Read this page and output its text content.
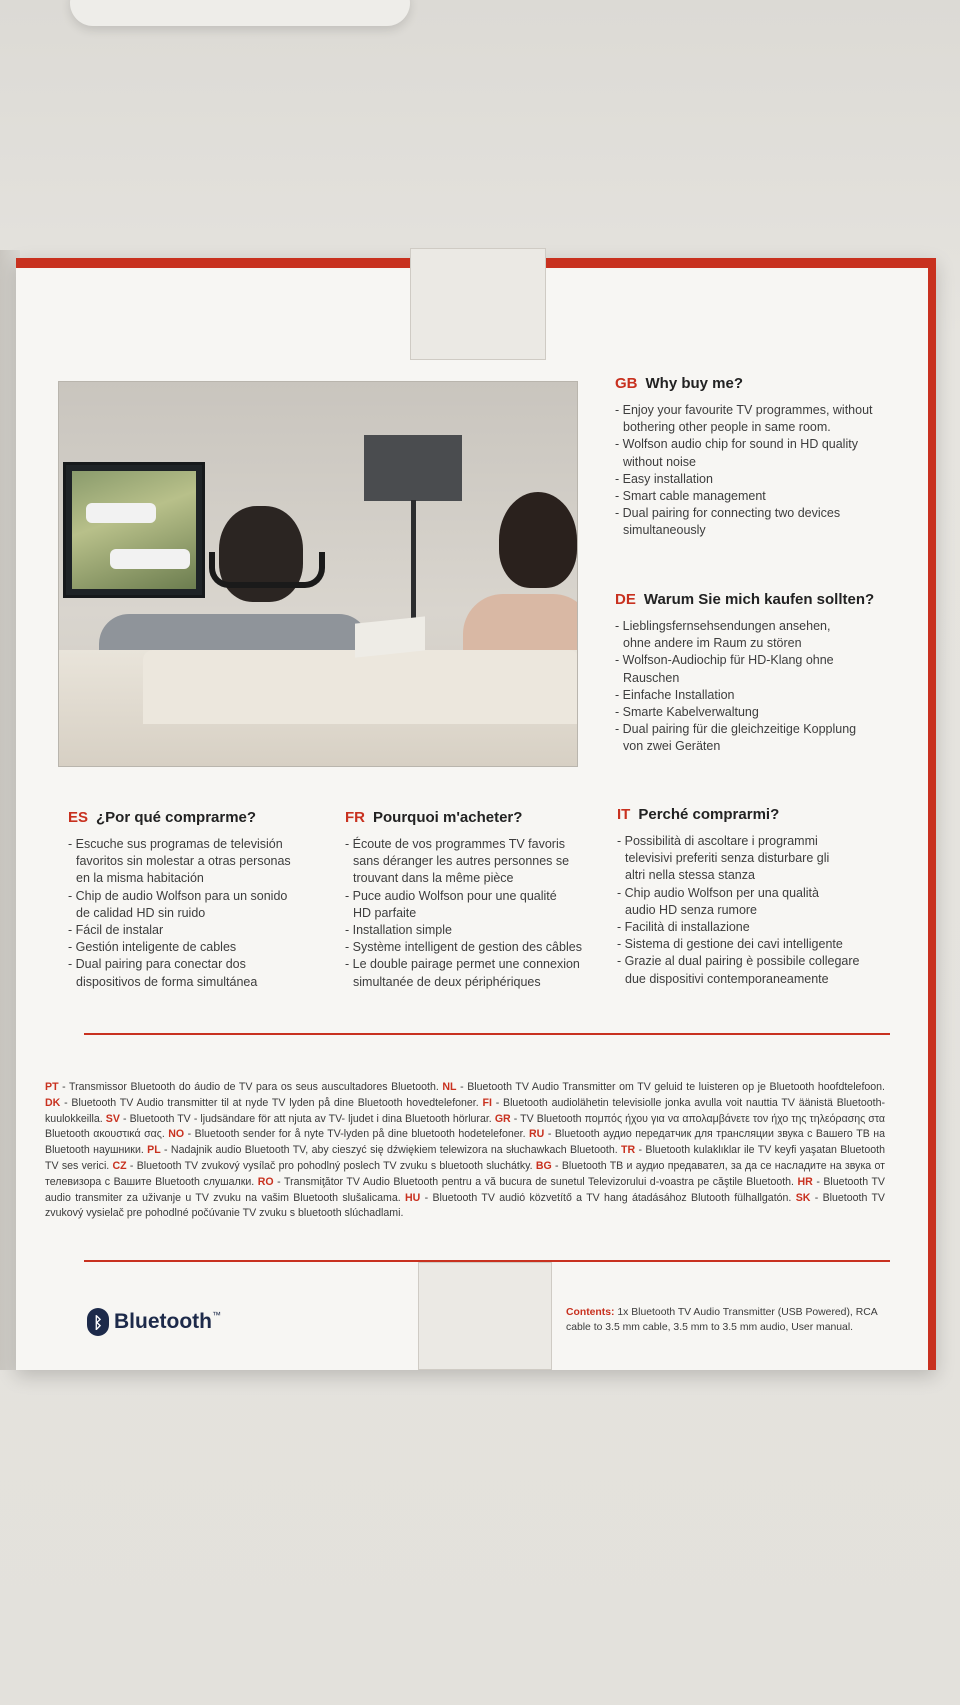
GB Why buy me?
- Enjoy your favourite TV programmes, without
bothering other people in same room.
- Wolfson audio chip for sound in HD quality
without noise
- Easy installation
- Smart cable management
- Dual pairing for connecting two devices
simultaneously
DE Warum Sie mich kaufen sollten?
- Lieblingsfernsehsendungen ansehen,
ohne andere im Raum zu stören
- Wolfson-Audiochip für HD-Klang ohne
Rauschen
- Einfache Installation
- Smarte Kabelverwaltung
- Dual pairing für die gleichzeitige Kopplung
von zwei Geräten
ES ¿Por qué comprarme?
- Escuche sus programas de televisión
favoritos sin molestar a otras personas
en la misma habitación
- Chip de audio Wolfson para un sonido
de calidad HD sin ruido
- Fácil de instalar
- Gestión inteligente de cables
- Dual pairing para conectar dos
dispositivos de forma simultánea
FR Pourquoi m'acheter?
- Écoute de vos programmes TV favoris
sans déranger les autres personnes se
trouvant dans la même pièce
- Puce audio Wolfson pour une qualité
HD parfaite
- Installation simple
- Système intelligent de gestion des câbles
- Le double pairage permet une connexion
simultanée de deux périphériques
IT Perché comprarmi?
- Possibilità di ascoltare i programmi
televisivi preferiti senza disturbare gli
altri nella stessa stanza
- Chip audio Wolfson per una qualità
audio HD senza rumore
- Facilità di installazione
- Sistema di gestione dei cavi intelligente
- Grazie al dual pairing è possibile collegare
due dispositivi contemporaneamente
PT - Transmissor Bluetooth do áudio de TV para os seus auscultadores Bluetooth. NL - Bluetooth TV Audio Transmitter om TV geluid te luisteren op je Bluetooth hoofdtelefoon. DK - Bluetooth TV Audio transmitter til at nyde TV lyden på dine Bluetooth hovedtelefoner. FI - Bluetooth audiolähetin televisiolle jonka avulla voit nauttia TV äänistä Bluetooth-kuulokkeilla. SV - Bluetooth TV - ljudsändare för att njuta av TV- ljudet i dina Bluetooth hörlurar. GR - TV Bluetooth πομπός ήχου για να απολαμβάνετε τον ήχο της τηλεόρασης στα Bluetooth ακουστικά σας. NO - Bluetooth sender for å nyte TV-lyden på dine bluetooth hodetelefoner. RU - Bluetooth аудио передатчик для трансляции звука с Вашего ТВ на Bluetooth наушники. PL - Nadajnik audio Bluetooth TV, aby cieszyć się dźwiękiem telewizora na słuchawkach Bluetooth. TR - Bluetooth kulaklıklar ile TV keyfi yaşatan Bluetooth TV ses verici. CZ - Bluetooth TV zvukový vysílač pro pohodlný poslech TV zvuku s bluetooth sluchátky. BG - Bluetooth TB и аудио предавател, за да се насладите на звука от телевизора с Вашите Bluetooth слушалки. RO - Transmiţător TV Audio Bluetooth pentru a vă bucura de sunetul Televizorului d-voastra pe căştile Bluetooth. HR - Bluetooth TV audio transmiter za uživanje u TV zvuku na vašim Bluetooth slušalicama. HU - Bluetooth TV audió közvetítő a TV hang átadásához Blutooth fülhallgatón. SK - Bluetooth TV zvukový vysielač pre pohodlné počúvanie TV zvuku s bluetooth slúchadlami.
ᛒ Bluetooth ™	Contents: 1x Bluetooth TV Audio Transmitter (USB Powered), RCA cable to 3.5 mm cable, 3.5 mm to 3.5 mm audio, User manual.
